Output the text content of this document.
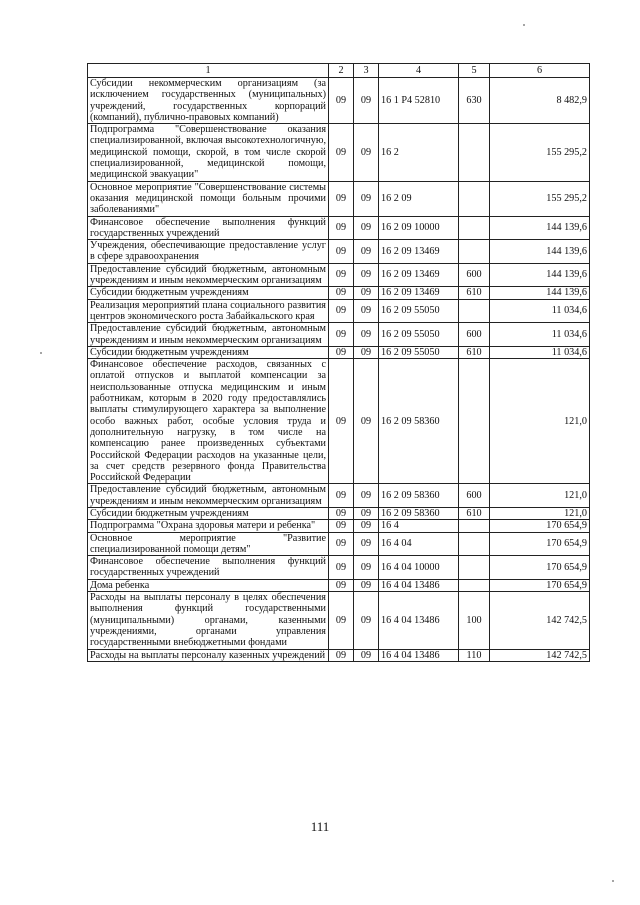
1	2	3	4	5	6
Субсидии некоммерческим организациям (за исключением государственных (муниципальных) учреждений, государственных корпораций (компаний), публично-правовых компаний)	09	09	16 1 Р4 52810	630	8 482,9
Подпрограмма "Совершенствование оказания специализированной, включая высокотехнологичную, медицинской помощи, скорой, в том числе скорой специализированной, медицинской помощи, медицинской эвакуации"	09	09	16 2		155 295,2
Основное мероприятие "Совершенствование системы оказания медицинской помощи больным прочими заболеваниями"	09	09	16 2 09		155 295,2
Финансовое обеспечение выполнения функций государственных учреждений	09	09	16 2 09 10000		144 139,6
Учреждения, обеспечивающие предоставление услуг в сфере здравоохранения	09	09	16 2 09 13469		144 139,6
Предоставление субсидий бюджетным, автономным учреждениям и иным некоммерческим организациям	09	09	16 2 09 13469	600	144 139,6
Субсидии бюджетным учреждениям	09	09	16 2 09 13469	610	144 139,6
Реализация мероприятий плана социального развития центров экономического роста Забайкальского края	09	09	16 2 09 55050		11 034,6
Предоставление субсидий бюджетным, автономным учреждениям и иным некоммерческим организациям	09	09	16 2 09 55050	600	11 034,6
Субсидии бюджетным учреждениям	09	09	16 2 09 55050	610	11 034,6
Финансовое обеспечение расходов, связанных с оплатой отпусков и выплатой компенсации за неиспользованные отпуска медицинским и иным работникам, которым в 2020 году предоставлялись выплаты стимулирующего характера за выполнение особо важных работ, особые условия труда и дополнительную нагрузку, в том числе на компенсацию ранее произведенных субъектами Российской Федерации расходов на указанные цели, за счет средств резервного фонда Правительства Российской Федерации	09	09	16 2 09 58360		121,0
Предоставление субсидий бюджетным, автономным учреждениям и иным некоммерческим организациям	09	09	16 2 09 58360	600	121,0
Субсидии бюджетным учреждениям	09	09	16 2 09 58360	610	121,0
Подпрограмма "Охрана здоровья матери и ребенка"	09	09	16 4		170 654,9
Основное мероприятие "Развитие специализированной помощи детям"	09	09	16 4 04		170 654,9
Финансовое обеспечение выполнения функций государственных учреждений	09	09	16 4 04 10000		170 654,9
Дома ребенка	09	09	16 4 04 13486		170 654,9
Расходы на выплаты персоналу в целях обеспечения выполнения функций государственными (муниципальными) органами, казенными учреждениями, органами управления государственными внебюджетными фондами	09	09	16 4 04 13486	100	142 742,5
Расходы на выплаты персоналу казенных учреждений	09	09	16 4 04 13486	110	142 742,5
111
